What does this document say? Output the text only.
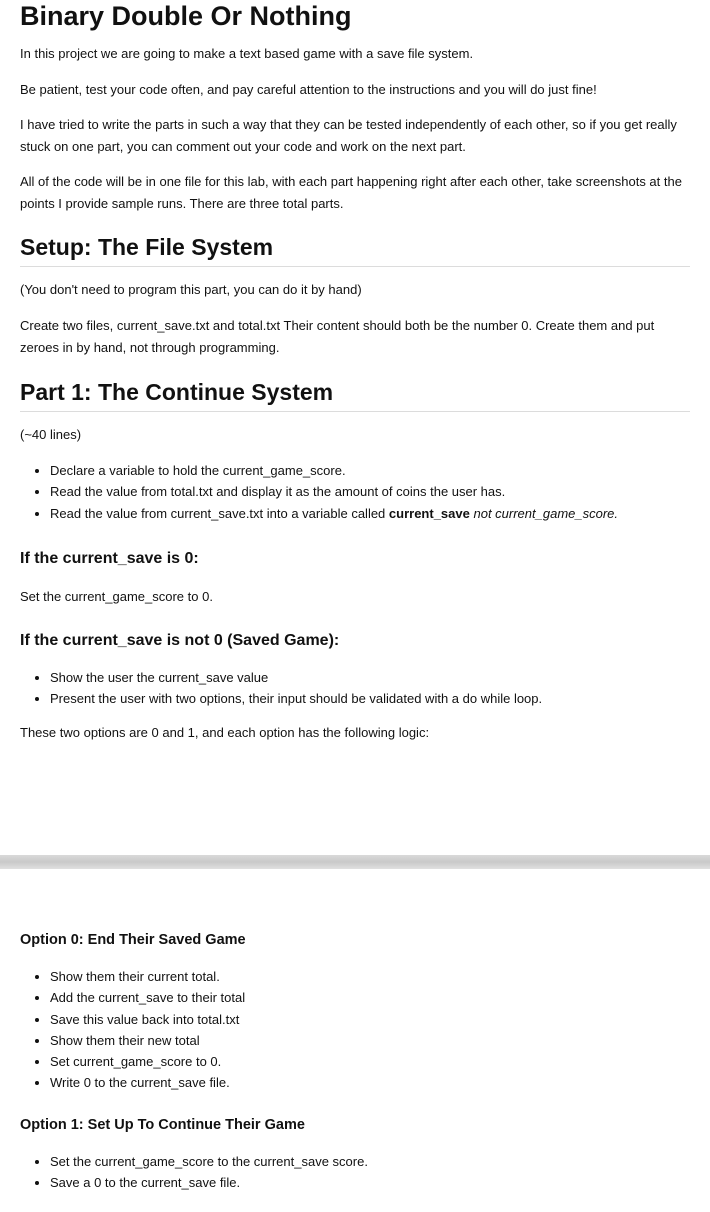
Binary Double Or Nothing

In this project we are going to make a text based game with a save file system.

Be patient, test your code often, and pay careful attention to the instructions and you will do just fine!

I have tried to write the parts in such a way that they can be tested independently of each other, so if you get really stuck on one part, you can comment out your code and work on the next part.

All of the code will be in one file for this lab, with each part happening right after each other, take screenshots at the points I provide sample runs. There are three total parts.

Setup: The File System

(You don't need to program this part, you can do it by hand)

Create two files, current_save.txt and total.txt Their content should both be the number 0. Create them and put zeroes in by hand, not through programming.

Part 1: The Continue System

(~40 lines)

• Declare a variable to hold the current_game_score.
• Read the value from total.txt and display it as the amount of coins the user has.
• Read the value from current_save.txt into a variable called current_save not current_game_score.
If the current_save is 0:

Set the current_game_score to 0.

If the current_save is not 0 (Saved Game):
• Show the user the current_save value
• Present the user with two options, their input should be validated with a do while loop.

These two options are 0 and 1, and each option has the following logic:

Option 0: End Their Saved Game
• Show them their current total.
• Add the current_save to their total
• Save this value back into total.txt
• Show them their new total
• Set current_game_score to 0.
• Write 0 to the current_save file.
Option 1: Set Up To Continue Their Game
• Set the current_game_score to the current_save score.
• Save a 0 to the current_save file.
